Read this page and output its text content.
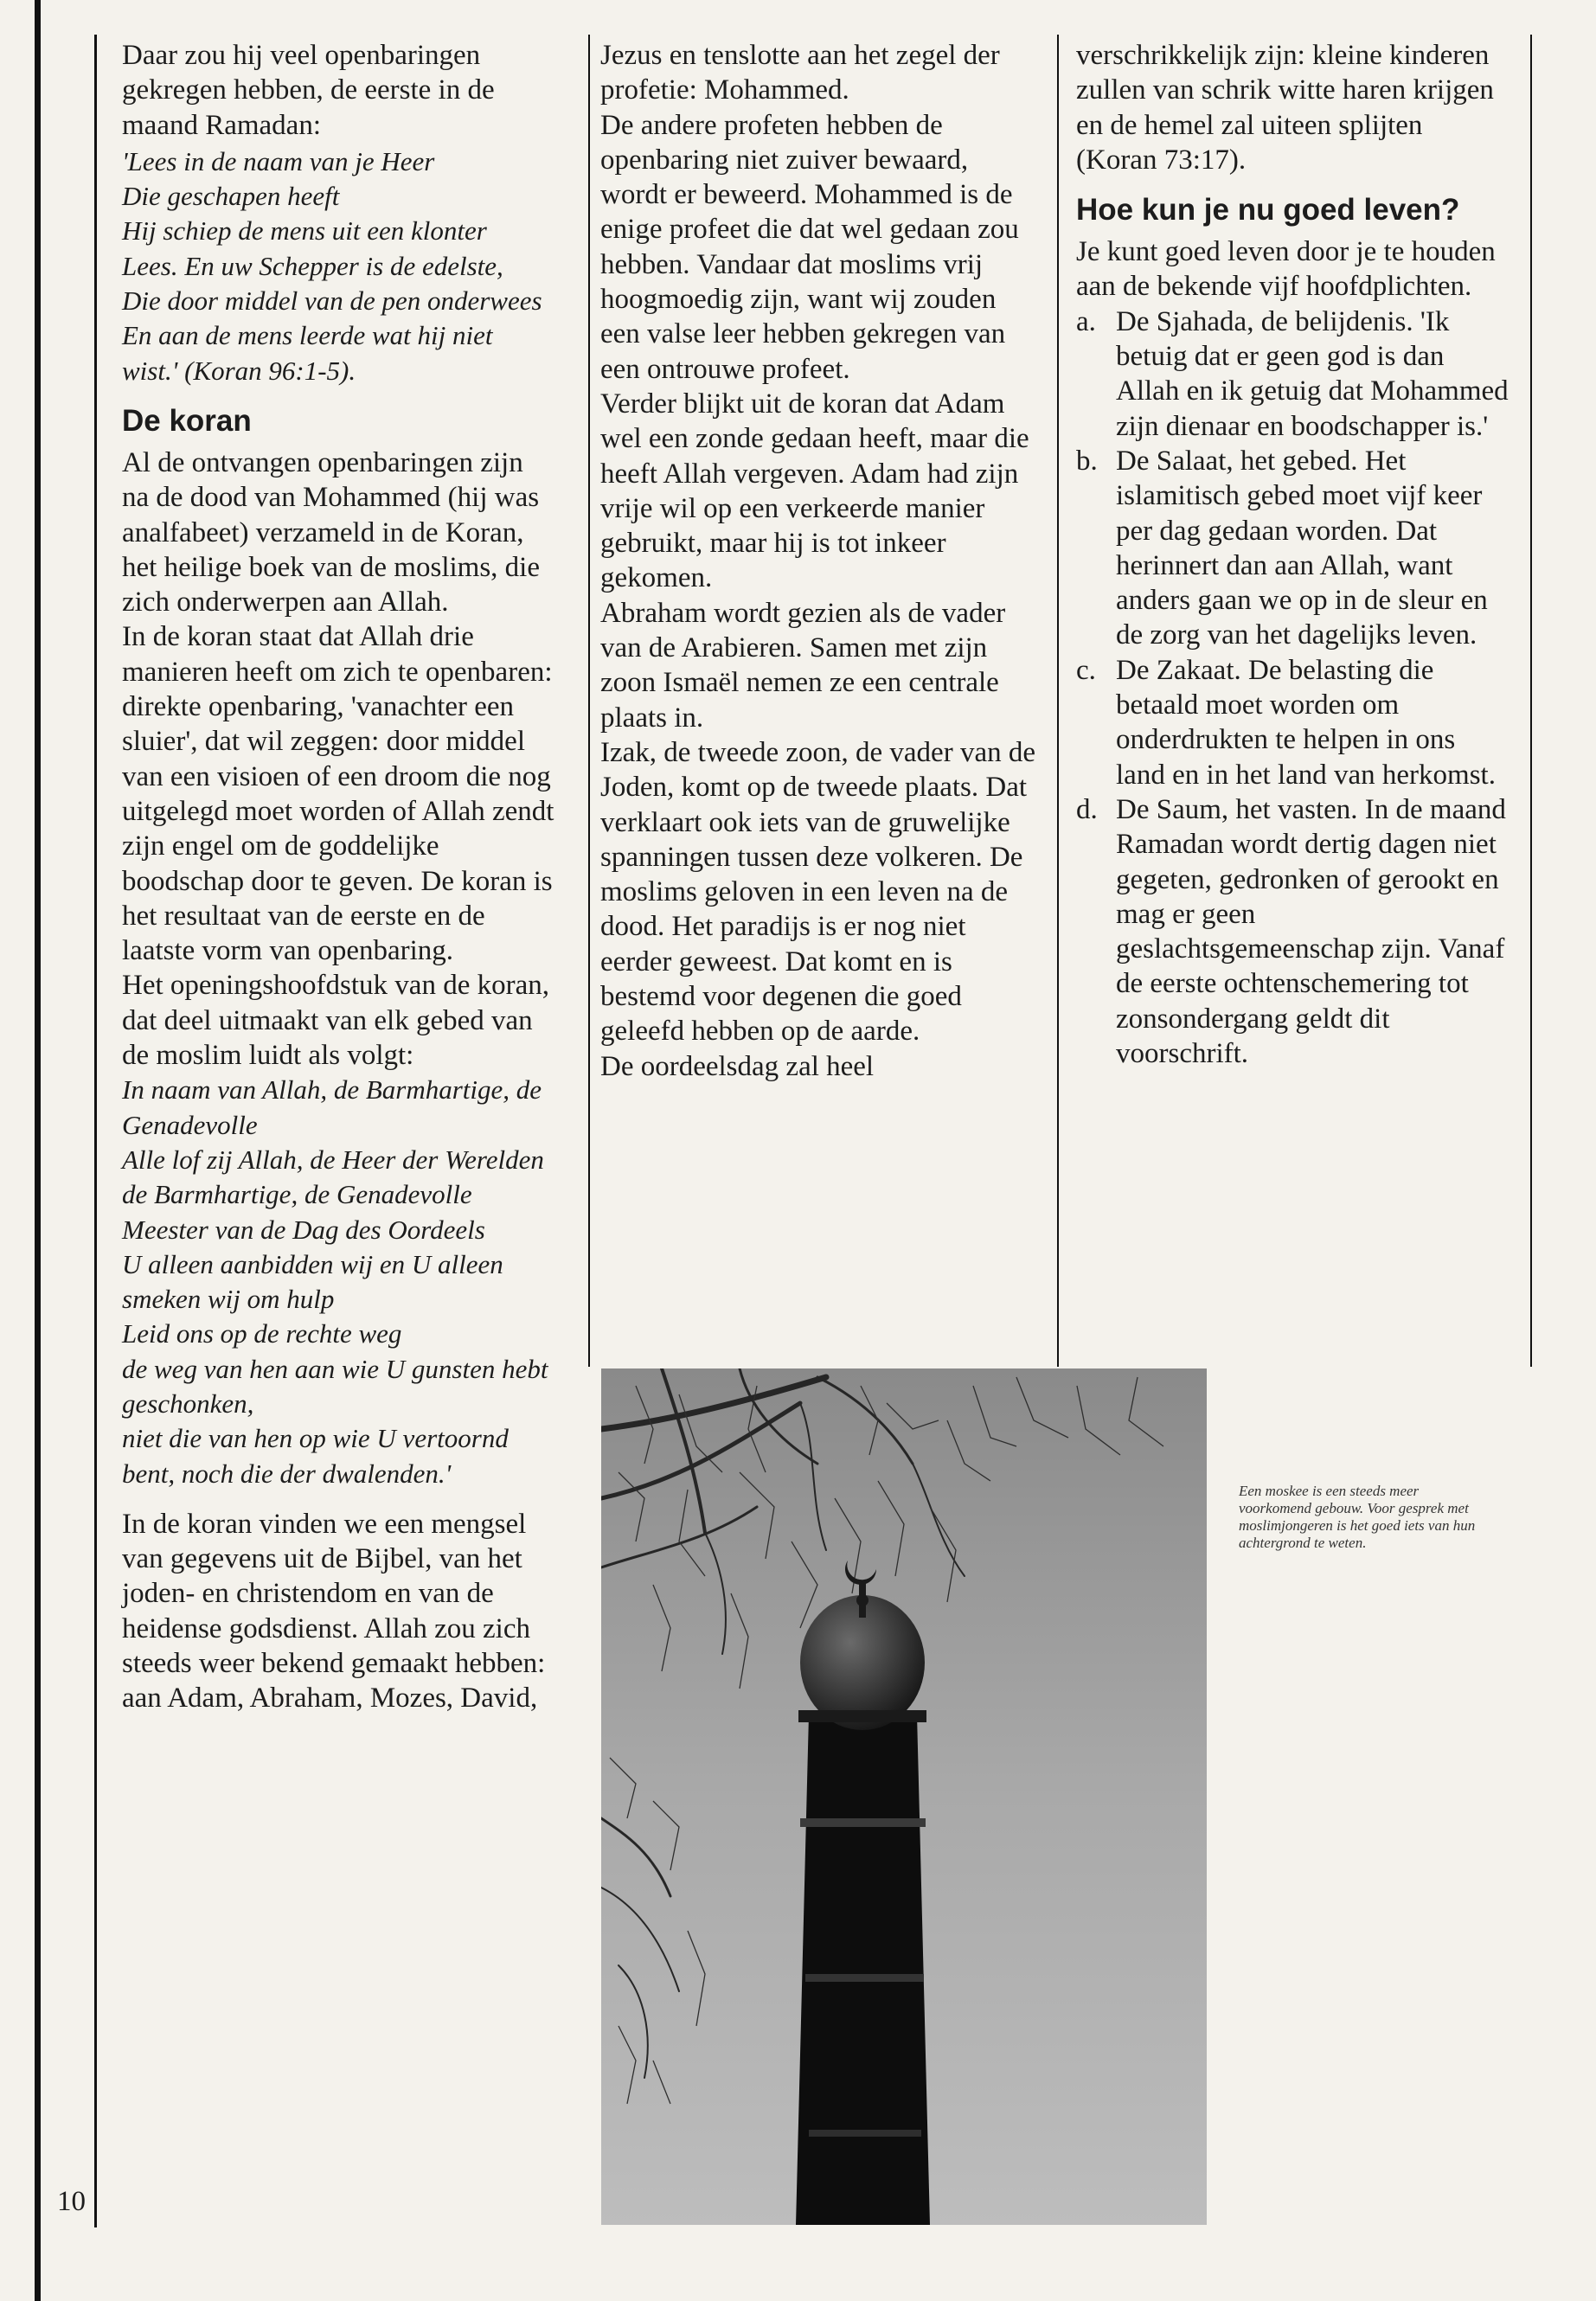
Daar zou hij veel openbaringen gekregen hebben, de eerste in de maand Ramadan:

'Lees in de naam van je Heer

Die geschapen heeft

Hij schiep de mens uit een klonter

Lees. En uw Schepper is de edelste,

Die door middel van de pen onderwees

En aan de mens leerde wat hij niet wist.' (Koran 96:1-5).

De koran

Al de ontvangen openbaringen zijn na de dood van Mohammed (hij was analfabeet) verzameld in de Koran, het heilige boek van de moslims, die zich onderwerpen aan Allah.

In de koran staat dat Allah drie manieren heeft om zich te openbaren: direkte openbaring, 'vanachter een sluier', dat wil zeggen: door middel van een visioen of een droom die nog uitgelegd moet worden of Allah zendt zijn engel om de goddelijke boodschap door te geven. De koran is het resultaat van de eerste en de laatste vorm van openbaring.

Het openingshoofdstuk van de koran, dat deel uitmaakt van elk gebed van de moslim luidt als volgt:

In naam van Allah, de Barmhartige, de Genadevolle

Alle lof zij Allah, de Heer der Werelden

de Barmhartige, de Genadevolle

Meester van de Dag des Oordeels

U alleen aanbidden wij en U alleen smeken wij om hulp

Leid ons op de rechte weg

de weg van hen aan wie U gunsten hebt geschonken,

niet die van hen op wie U vertoornd bent, noch die der dwalenden.'

In de koran vinden we een mengsel van gegevens uit de Bijbel, van het joden- en christendom en van de heidense godsdienst. Allah zou zich steeds weer bekend gemaakt hebben: aan Adam, Abraham, Mozes, David,

Jezus en tenslotte aan het zegel der profetie: Mohammed.

De andere profeten hebben de openbaring niet zuiver bewaard, wordt er beweerd. Mohammed is de enige profeet die dat wel gedaan zou hebben. Vandaar dat moslims vrij hoogmoedig zijn, want wij zouden een valse leer hebben gekregen van een ontrouwe profeet.

Verder blijkt uit de koran dat Adam wel een zonde gedaan heeft, maar die heeft Allah vergeven. Adam had zijn vrije wil op een verkeerde manier gebruikt, maar hij is tot inkeer gekomen.

Abraham wordt gezien als de vader van de Arabieren. Samen met zijn zoon Ismaël nemen ze een centrale plaats in.

Izak, de tweede zoon, de vader van de Joden, komt op de tweede plaats. Dat verklaart ook iets van de gruwelijke spanningen tussen deze volkeren. De moslims geloven in een leven na de dood. Het paradijs is er nog niet eerder geweest. Dat komt en is bestemd voor degenen die goed geleefd hebben op de aarde.

De oordeelsdag zal heel

verschrikkelijk zijn: kleine kinderen zullen van schrik witte haren krijgen en de hemel zal uiteen splijten (Koran 73:17).

Hoe kun je nu goed leven?

Je kunt goed leven door je te houden aan de bekende vijf hoofdplichten.

a. De Sjahada, de belijdenis. 'Ik betuig dat er geen god is dan Allah en ik getuig dat Mohammed zijn dienaar en boodschapper is.'
b. De Salaat, het gebed. Het islamitisch gebed moet vijf keer per dag gedaan worden. Dat herinnert dan aan Allah, want anders gaan we op in de sleur en de zorg van het dagelijks leven.
c. De Zakaat. De belasting die betaald moet worden om onderdrukten te helpen in ons land en in het land van herkomst.
d. De Saum, het vasten. In de maand Ramadan wordt dertig dagen niet gegeten, gedronken of gerookt en mag er geen geslachtsgemeenschap zijn. Vanaf de eerste ochtenschemering tot zonsondergang geldt dit voorschrift.
Een moskee is een steeds meer voorkomend gebouw. Voor gesprek met moslimjongeren is het goed iets van hun achtergrond te weten.
10
